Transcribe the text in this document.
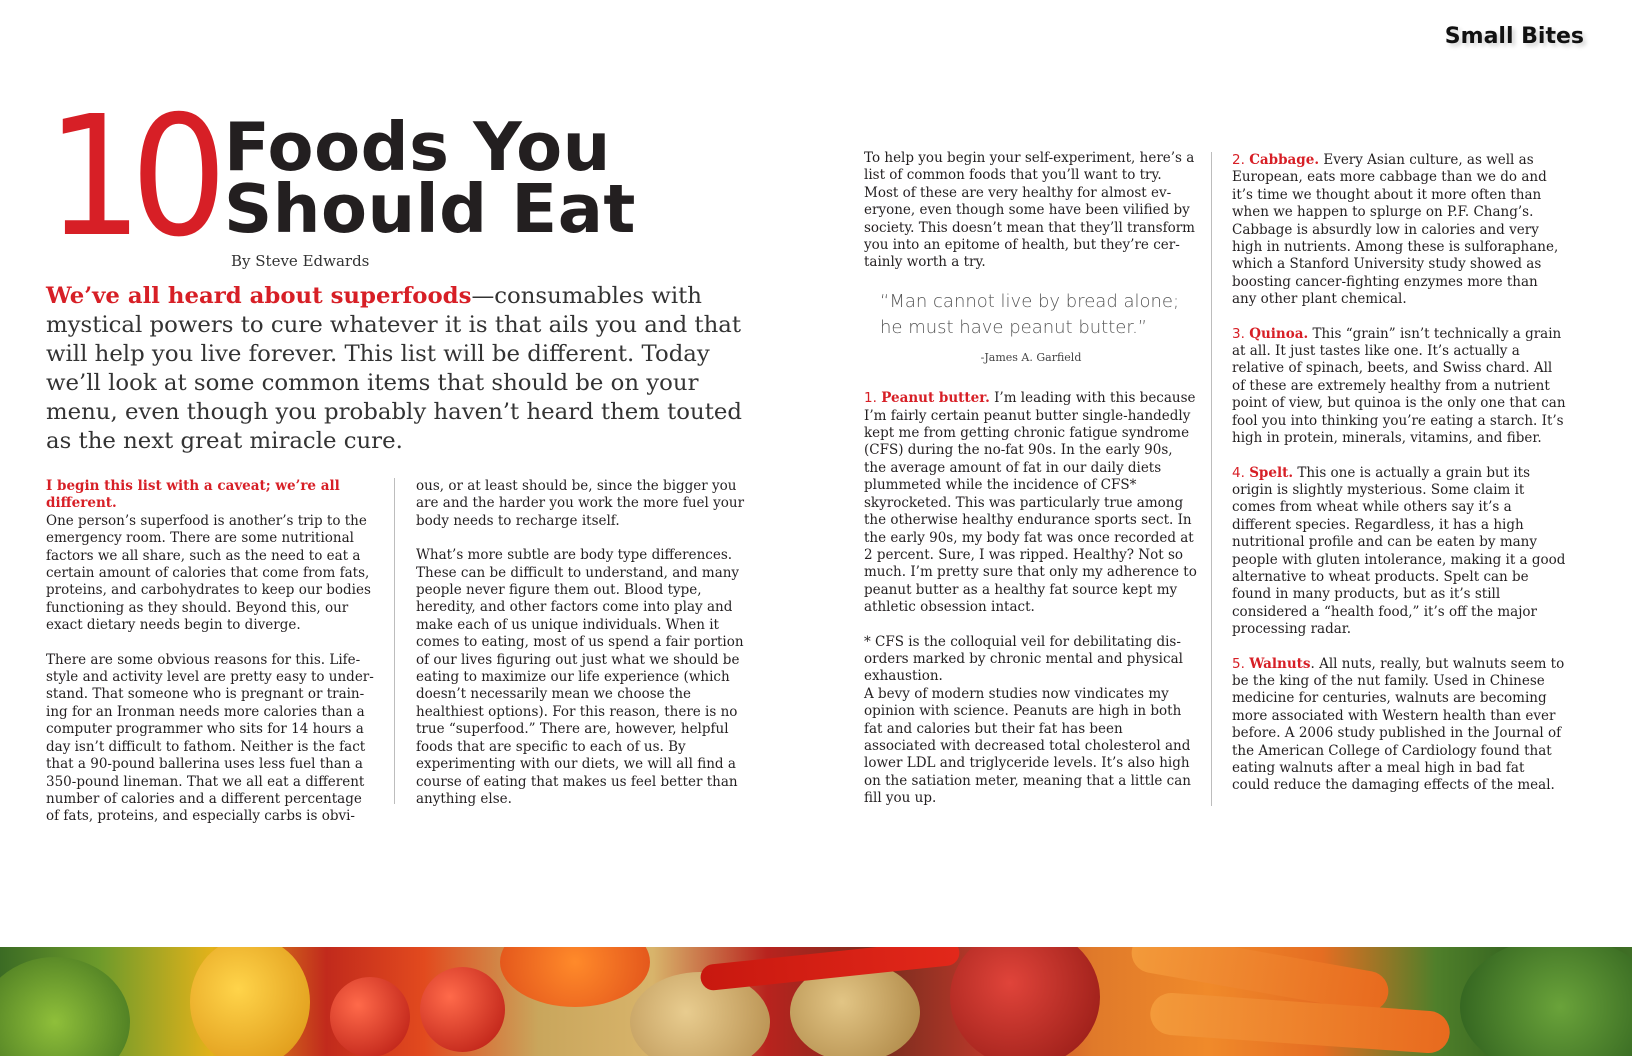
Small Bites
10 Foods You
Should Eat
By Steve Edwards

We’ve all heard about superfoods—consumables with mystical powers to cure whatever it is that ails you and that will help you live forever. This list will be different. Today we’ll look at some common items that should be on your menu, even though you probably haven’t heard them touted as the next great miracle cure.

I begin this list with a caveat; we’re all different.
One person’s superfood is another’s trip to the emergency room. There are some nutritional factors we all share, such as the need to eat a certain amount of calories that come from fats, proteins, and carbohydrates to keep our bodies functioning as they should. Beyond this, our exact dietary needs begin to diverge.

There are some obvious reasons for this. Lifestyle and activity level are pretty easy to understand. That someone who is pregnant or training for an Ironman needs more calories than a computer programmer who sits for 14 hours a day isn’t difficult to fathom. Neither is the fact that a 90-pound ballerina uses less fuel than a 350-pound lineman. That we all eat a different number of calories and a different percentage of fats, proteins, and especially carbs is obvi-

ous, or at least should be, since the bigger you are and the harder you work the more fuel your body needs to recharge itself.

What’s more subtle are body type differences. These can be difficult to understand, and many people never figure them out. Blood type, heredity, and other factors come into play and make each of us unique individuals. When it comes to eating, most of us spend a fair portion of our lives figuring out just what we should be eating to maximize our life experience (which doesn’t necessarily mean we choose the healthiest options). For this reason, there is no true “superfood.” There are, however, helpful foods that are specific to each of us. By experimenting with our diets, we will all find a course of eating that makes us feel better than anything else.

To help you begin your self-experiment, here’s a list of common foods that you’ll want to try. Most of these are very healthy for almost everyone, even though some have been vilified by society. This doesn’t mean that they’ll transform you into an epitome of health, but they’re certainly worth a try.

“Man cannot live by bread alone;
he must have peanut butter.”
-James A. Garfield

1. Peanut butter. I’m leading with this because I’m fairly certain peanut butter single-handedly kept me from getting chronic fatigue syndrome (CFS) during the no-fat 90s. In the early 90s, the average amount of fat in our daily diets plummeted while the incidence of CFS* skyrocketed. This was particularly true among the otherwise healthy endurance sports sect. In the early 90s, my body fat was once recorded at 2 percent. Sure, I was ripped. Healthy? Not so much. I’m pretty sure that only my adherence to peanut butter as a healthy fat source kept my athletic obsession intact.

* CFS is the colloquial veil for debilitating disorders marked by chronic mental and physical exhaustion.

A bevy of modern studies now vindicates my opinion with science. Peanuts are high in both fat and calories but their fat has been associated with decreased total cholesterol and lower LDL and triglyceride levels. It’s also high on the satiation meter, meaning that a little can fill you up.

2. Cabbage. Every Asian culture, as well as European, eats more cabbage than we do and it’s time we thought about it more often than when we happen to splurge on P.F. Chang’s. Cabbage is absurdly low in calories and very high in nutrients. Among these is sulforaphane, which a Stanford University study showed as boosting cancer-fighting enzymes more than any other plant chemical.

3. Quinoa. This “grain” isn’t technically a grain at all. It just tastes like one. It’s actually a relative of spinach, beets, and Swiss chard. All of these are extremely healthy from a nutrient point of view, but quinoa is the only one that can fool you into thinking you’re eating a starch. It’s high in protein, minerals, vitamins, and fiber.

4. Spelt. This one is actually a grain but its origin is slightly mysterious. Some claim it comes from wheat while others say it’s a different species. Regardless, it has a high nutritional profile and can be eaten by many people with gluten intolerance, making it a good alternative to wheat products. Spelt can be found in many products, but as it’s still considered a “health food,” it’s off the major processing radar.

5. Walnuts. All nuts, really, but walnuts seem to be the king of the nut family. Used in Chinese medicine for centuries, walnuts are becoming more associated with Western health than ever before. A 2006 study published in the Journal of the American College of Cardiology found that eating walnuts after a meal high in bad fat could reduce the damaging effects of the meal.
